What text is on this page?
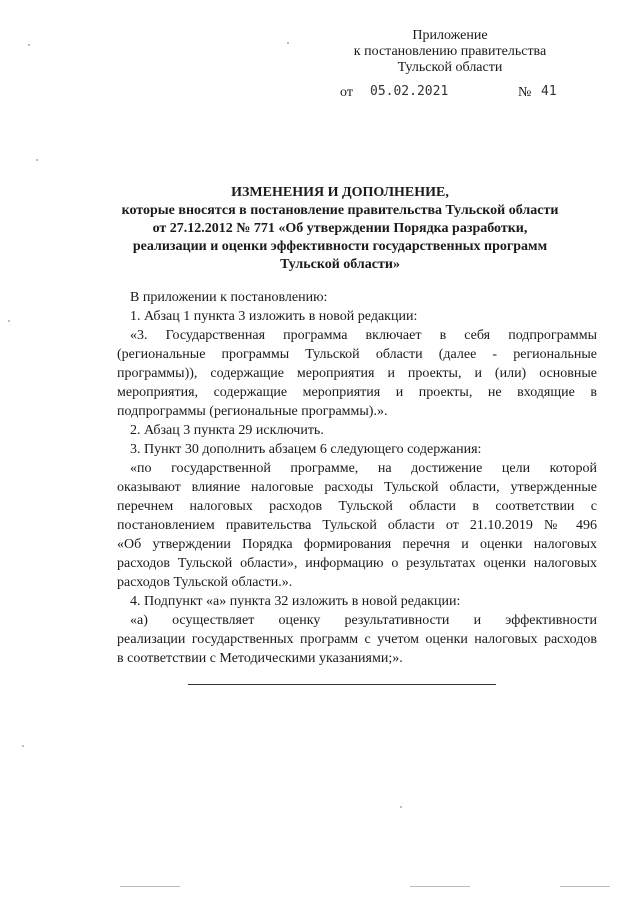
Приложение
к постановлению правительства
Тульской области
от 05.02.2021	№ 41
ИЗМЕНЕНИЯ И ДОПОЛНЕНИЕ,
которые вносятся в постановление правительства Тульской области
от 27.12.2012 № 771 «Об утверждении Порядка разработки,
реализации и оценки эффективности государственных программ
Тульской области»

В приложении к постановлению:

1. Абзац 1 пункта 3 изложить в новой редакции:

«3. Государственная программа включает в себя подпрограммы

(региональные программы Тульской области (далее - региональные

программы)), содержащие мероприятия и проекты, и (или) основные

мероприятия, содержащие мероприятия и проекты, не входящие в

подпрограммы (региональные программы).».

2. Абзац 3 пункта 29 исключить.

3. Пункт 30 дополнить абзацем 6 следующего содержания:

«по государственной программе, на достижение цели которой

оказывают влияние налоговые расходы Тульской области, утвержденные

перечнем налоговых расходов Тульской области в соответствии с

постановлением правительства Тульской области от 21.10.2019 № 496

«Об утверждении Порядка формирования перечня и оценки налоговых

расходов Тульской области», информацию о результатах оценки налоговых

расходов Тульской области.».

4. Подпункт «а» пункта 32 изложить в новой редакции:

«а) осуществляет оценку результативности и эффективности

реализации государственных программ с учетом оценки налоговых расходов

в соответствии с Методическими указаниями;».
